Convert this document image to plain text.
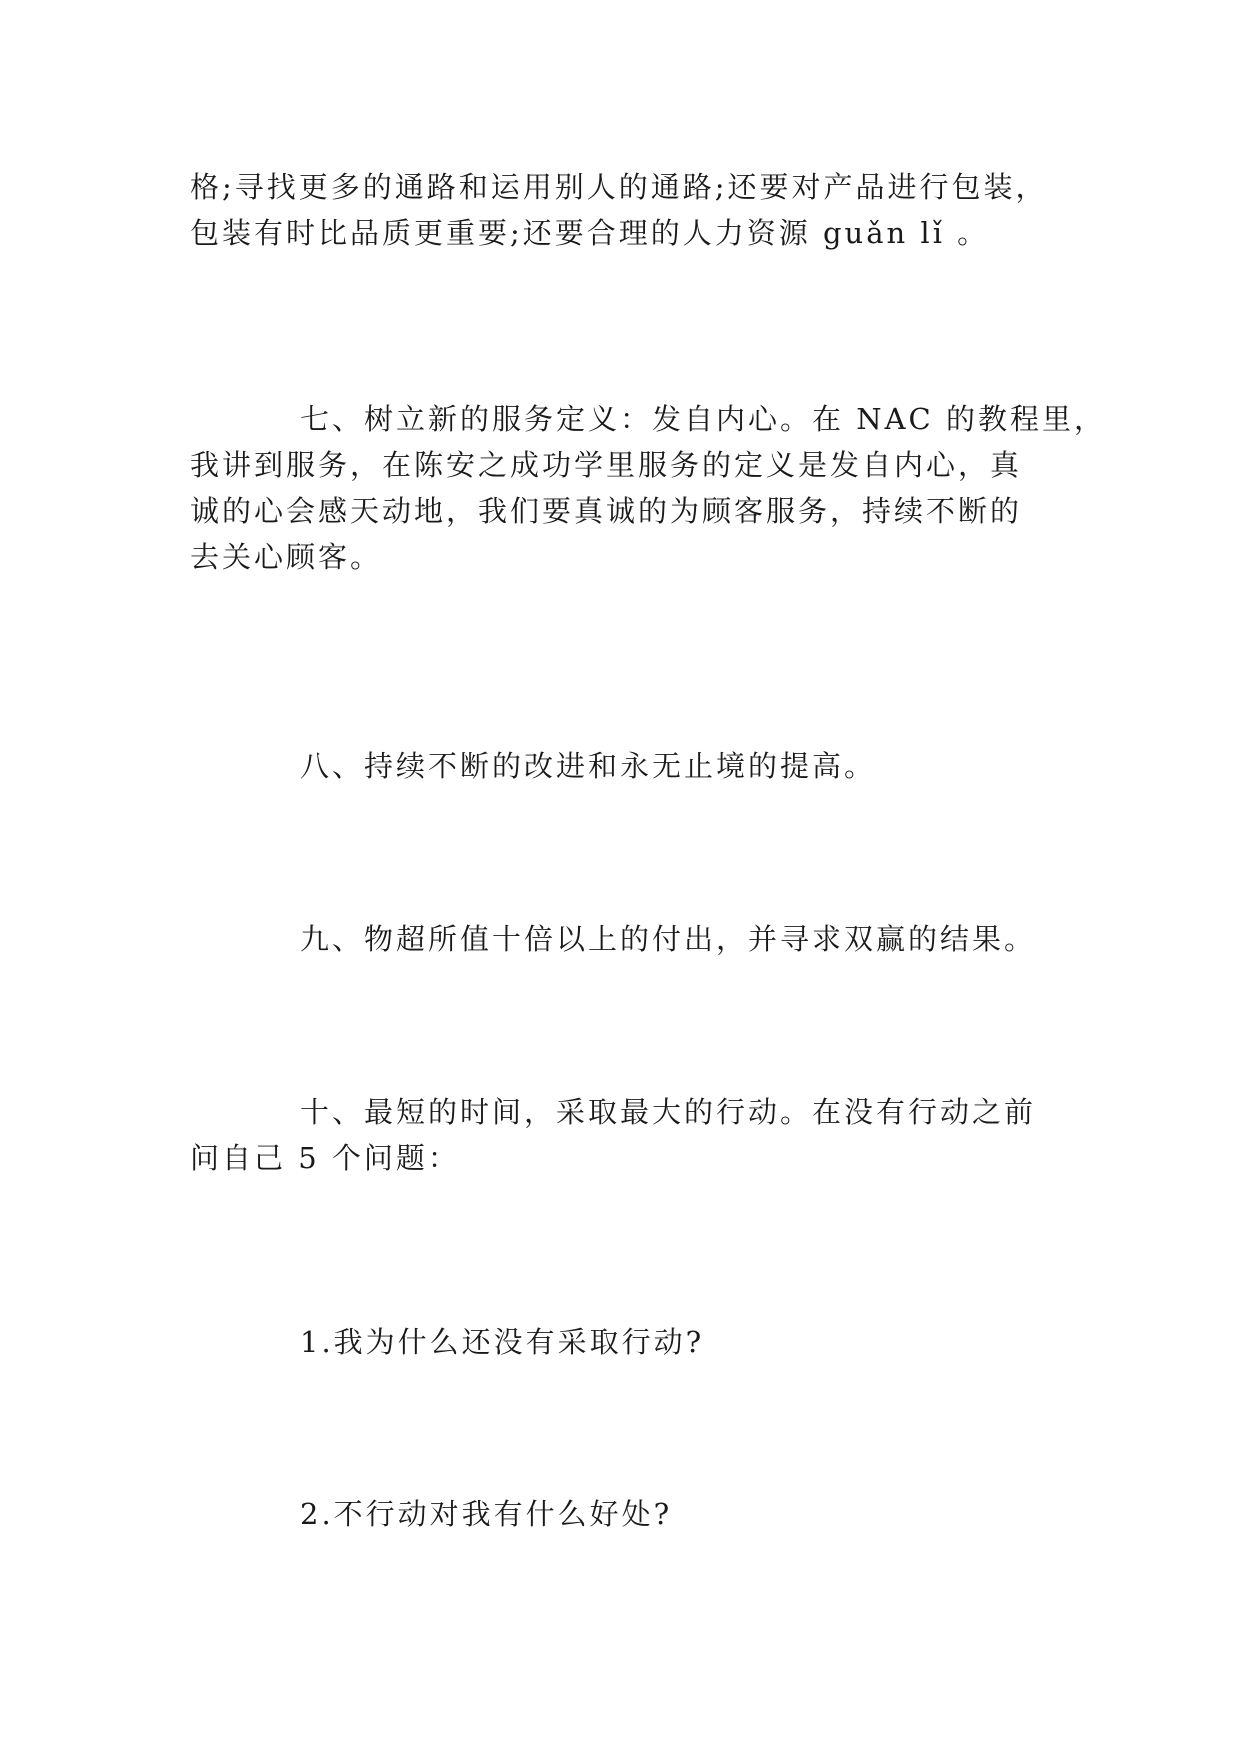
格;寻找更多的通路和运用别人的通路;还要对产品进行包装，
包装有时比品质更重要;还要合理的人力资源 guǎn lǐ 。

七、树立新的服务定义：发自内心。在 NAC 的教程里，
我讲到服务，在陈安之成功学里服务的定义是发自内心，真
诚的心会感天动地，我们要真诚的为顾客服务，持续不断的
去关心顾客。

八、持续不断的改进和永无止境的提高。

九、物超所值十倍以上的付出，并寻求双赢的结果。

十、最短的时间，采取最大的行动。在没有行动之前
问自己 5 个问题：

1.我为什么还没有采取行动?

2.不行动对我有什么好处?
